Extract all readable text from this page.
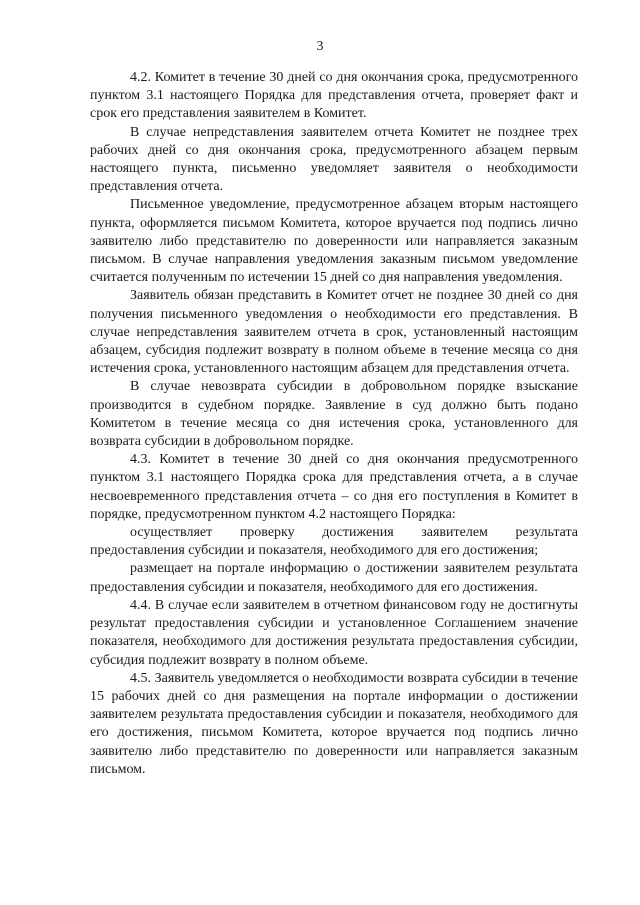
3

4.2. Комитет в течение 30 дней со дня окончания срока, предусмотренного пунктом 3.1 настоящего Порядка для представления отчета, проверяет факт и срок его представления заявителем в Комитет.

В случае непредставления заявителем отчета Комитет не позднее трех рабочих дней со дня окончания срока, предусмотренного абзацем первым настоящего пункта, письменно уведомляет заявителя о необходимости представления отчета.

Письменное уведомление, предусмотренное абзацем вторым настоящего пункта, оформляется письмом Комитета, которое вручается под подпись лично заявителю либо представителю по доверенности или направляется заказным письмом. В случае направления уведомления заказным письмом уведомление считается полученным по истечении 15 дней со дня направления уведомления.

Заявитель обязан представить в Комитет отчет не позднее 30 дней со дня получения письменного уведомления о необходимости его представления. В случае непредставления заявителем отчета в срок, установленный настоящим абзацем, субсидия подлежит возврату в полном объеме в течение месяца со дня истечения срока, установленного настоящим абзацем для представления отчета.

В случае невозврата субсидии в добровольном порядке взыскание производится в судебном порядке. Заявление в суд должно быть подано Комитетом в течение месяца со дня истечения срока, установленного для возврата субсидии в добровольном порядке.

4.3. Комитет в течение 30 дней со дня окончания предусмотренного пунктом 3.1 настоящего Порядка срока для представления отчета, а в случае несвоевременного представления отчета – со дня его поступления в Комитет в порядке, предусмотренном пунктом 4.2 настоящего Порядка:

осуществляет проверку достижения заявителем результата предоставления субсидии и показателя, необходимого для его достижения;

размещает на портале информацию о достижении заявителем результата предоставления субсидии и показателя, необходимого для его достижения.

4.4. В случае если заявителем в отчетном финансовом году не достигнуты результат предоставления субсидии и установленное Соглашением значение показателя, необходимого для достижения результата предоставления субсидии, субсидия подлежит возврату в полном объеме.

4.5. Заявитель уведомляется о необходимости возврата субсидии в течение 15 рабочих дней со дня размещения на портале информации о достижении заявителем результата предоставления субсидии и показателя, необходимого для его достижения, письмом Комитета, которое вручается под подпись лично заявителю либо представителю по доверенности или направляется заказным письмом.
